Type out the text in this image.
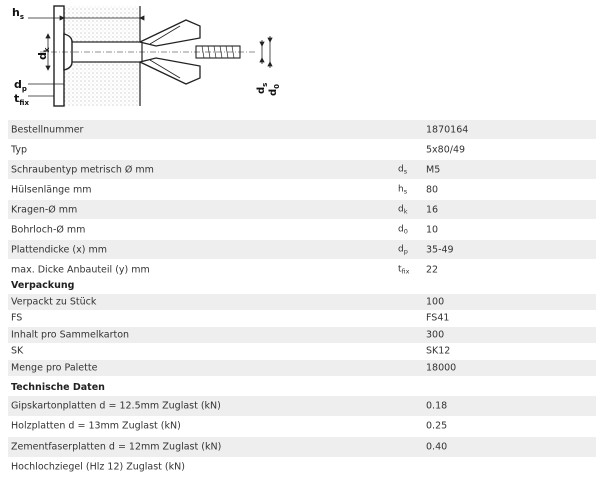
$h_s$
$d_k$
$d_p$
$t_{fix}$
$d_s$
$d_0$
Bestellnummer	1870164
Typ	5x80/49
Schraubentyp metrisch Ø mm	$d_s$ M5
Hülsenlänge mm	$h_s$ 80
Kragen-Ø mm	$d_k$ 16
Bohrloch-Ø mm	$d_0$ 10
Plattendicke (x) mm	$d_p$ 35-49
max. Dicke Anbauteil (y) mm	$t_{fix}$ 22
Verpackung
Verpackt zu Stück	100
FS	FS41
Inhalt pro Sammelkarton	300
SK	SK12
Menge pro Palette	18000
Technische Daten
Gipskartonplatten d = 12.5mm Zuglast (kN)	0.18
Holzplatten d = 13mm Zuglast (kN)	0.25
Zementfaserplatten d = 12mm Zuglast (kN)	0.40
Hochlochziegel (Hlz 12) Zuglast (kN)
